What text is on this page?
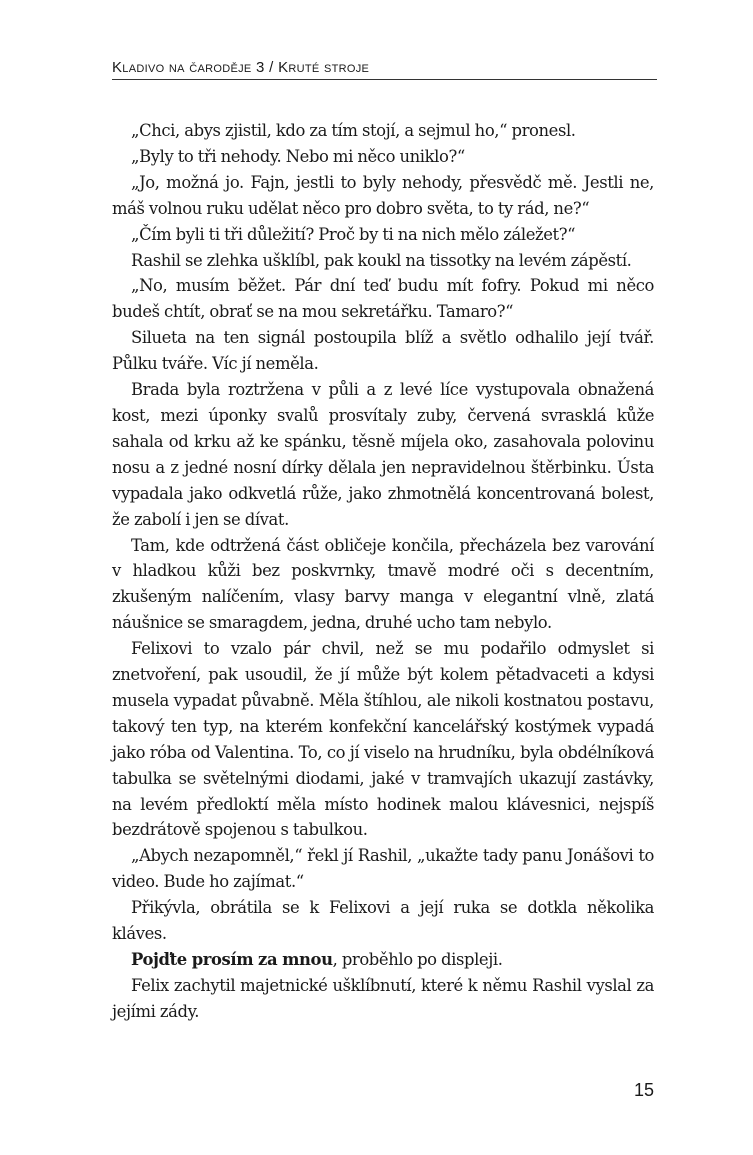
Kladivo na čaroděje 3 / Kruté stroje

„Chci, abys zjistil, kdo za tím stojí, a sejmul ho,“ pronesl.

„Byly to tři nehody. Nebo mi něco uniklo?“

„Jo, možná jo. Fajn, jestli to byly nehody, přesvědč mě. Jestli ne, máš volnou ruku udělat něco pro dobro světa, to ty rád, ne?“

„Čím byli ti tři důležití? Proč by ti na nich mělo záležet?“

Rashil se zlehka ušklíbl, pak koukl na tissotky na levém zápěstí.

„No, musím běžet. Pár dní teď budu mít fofry. Pokud mi něco budeš chtít, obrať se na mou sekretářku. Tamaro?“

Silueta na ten signál postoupila blíž a světlo odhalilo její tvář. Půlku tváře. Víc jí neměla.

Brada byla roztržena v půli a z levé líce vystupovala obnažená kost, mezi úponky svalů prosvítaly zuby, červená svrasklá kůže sahala od krku až ke spánku, těsně míjela oko, zasahovala polovinu nosu a z jedné nosní dírky dělala jen nepravidelnou štěrbinku. Ústa vypadala jako odkvetlá růže, jako zhmotnělá koncentrovaná bolest, že zabolí i jen se dívat.

Tam, kde odtržená část obličeje končila, přecházela bez varování v hladkou kůži bez poskvrnky, tmavě modré oči s decentním, zkušeným nalíčením, vlasy barvy manga v elegantní vlně, zlatá náušnice se smaragdem, jedna, druhé ucho tam nebylo.

Felixovi to vzalo pár chvil, než se mu podařilo odmyslet si znetvoření, pak usoudil, že jí může být kolem pětadvaceti a kdysi musela vypadat půvabně. Měla štíhlou, ale nikoli kostnatou postavu, takový ten typ, na kterém konfekční kancelářský kostýmek vypadá jako róba od Valentina. To, co jí viselo na hrudníku, byla obdélníková tabulka se světelnými diodami, jaké v tramvajích ukazují zastávky, na levém předloktí měla místo hodinek malou klávesnici, nejspíš bezdrátově spojenou s tabulkou.

„Abych nezapomněl,“ řekl jí Rashil, „ukažte tady panu Jonášovi to video. Bude ho zajímat.“

Přikývla, obrátila se k Felixovi a její ruka se dotkla několika kláves.

Pojďte prosím za mnou, proběhlo po displeji.

Felix zachytil majetnické ušklíbnutí, které k němu Rashil vyslal za jejími zády.

15
